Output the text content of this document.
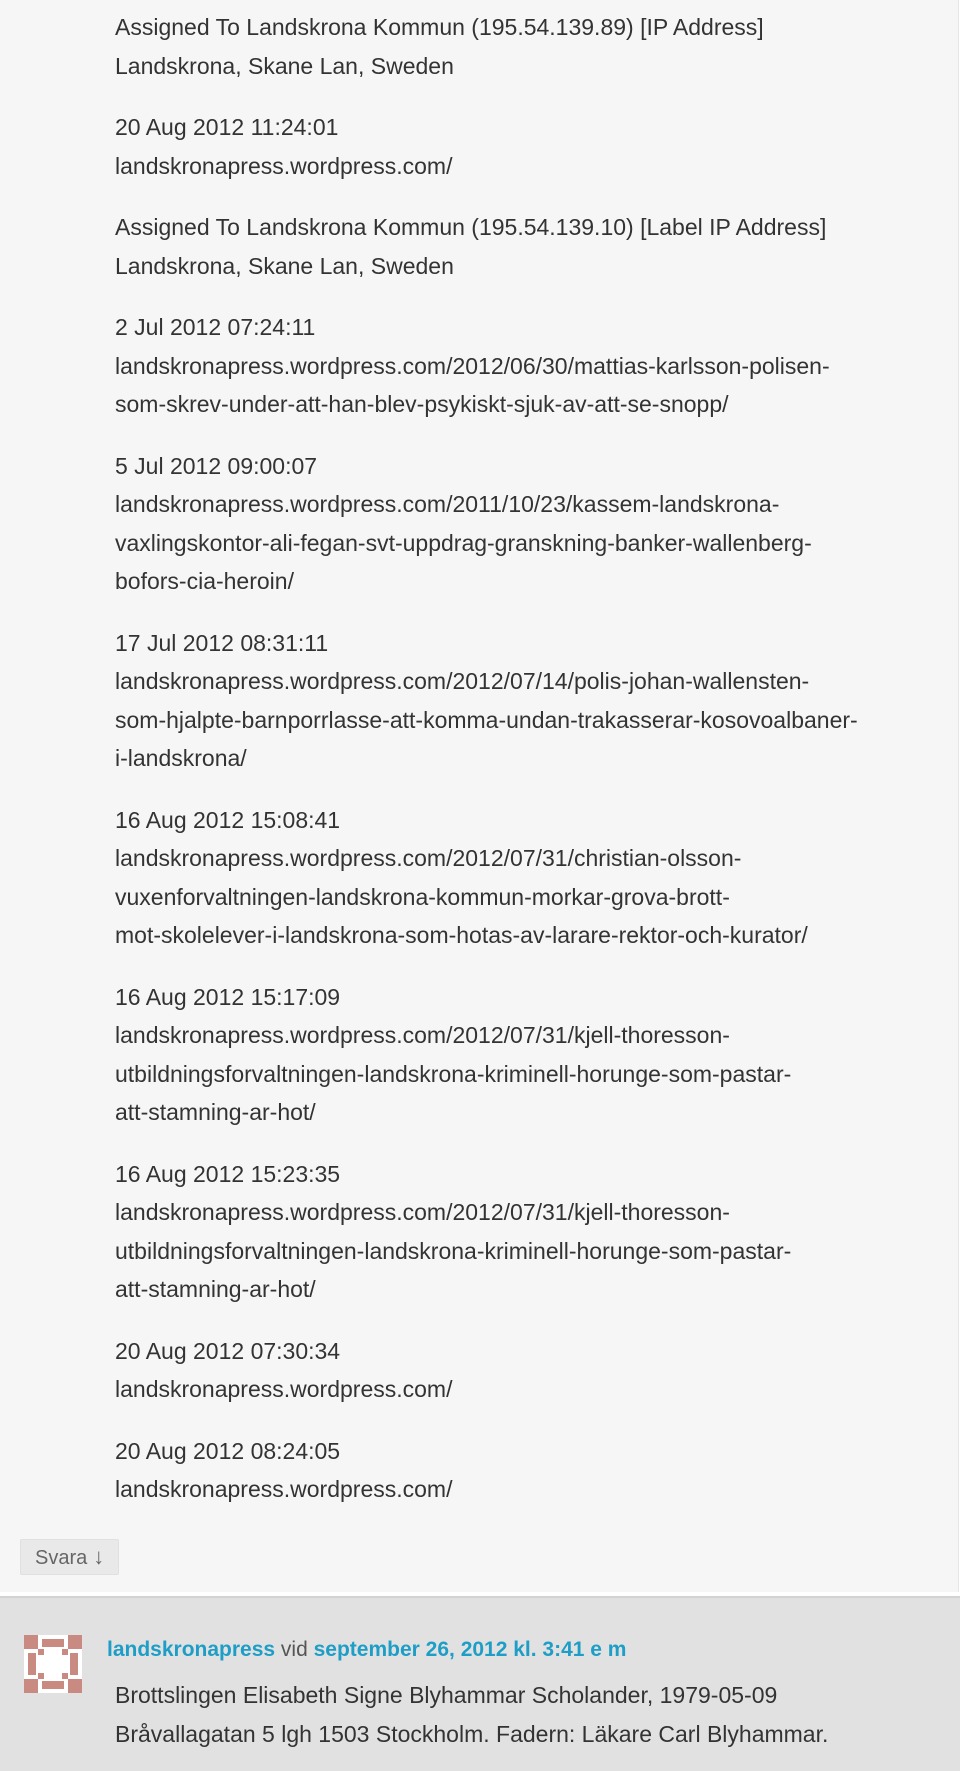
Assigned To Landskrona Kommun (195.54.139.89) [IP Address]
Landskrona, Skane Lan, Sweden

20 Aug 2012 11:24:01
landskronapress.wordpress.com/

Assigned To Landskrona Kommun (195.54.139.10) [Label IP Address]
Landskrona, Skane Lan, Sweden

2 Jul 2012 07:24:11
landskronapress.wordpress.com/2012/06/30/mattias-karlsson-polisen-
som-skrev-under-att-han-blev-psykiskt-sjuk-av-att-se-snopp/

5 Jul 2012 09:00:07
landskronapress.wordpress.com/2011/10/23/kassem-landskrona-
vaxlingskontor-ali-fegan-svt-uppdrag-granskning-banker-wallenberg-
bofors-cia-heroin/

17 Jul 2012 08:31:11
landskronapress.wordpress.com/2012/07/14/polis-johan-wallensten-
som-hjalpte-barnporrlasse-att-komma-undan-trakasserar-kosovoalbaner-
i-landskrona/

16 Aug 2012 15:08:41
landskronapress.wordpress.com/2012/07/31/christian-olsson-
vuxenforvaltningen-landskrona-kommun-morkar-grova-brott-
mot-skolelever-i-landskrona-som-hotas-av-larare-rektor-och-kurator/

16 Aug 2012 15:17:09
landskronapress.wordpress.com/2012/07/31/kjell-thoresson-
utbildningsforvaltningen-landskrona-kriminell-horunge-som-pastar-
att-stamning-ar-hot/

16 Aug 2012 15:23:35
landskronapress.wordpress.com/2012/07/31/kjell-thoresson-
utbildningsforvaltningen-landskrona-kriminell-horunge-som-pastar-
att-stamning-ar-hot/

20 Aug 2012 07:30:34
landskronapress.wordpress.com/

20 Aug 2012 08:24:05
landskronapress.wordpress.com/

Svara ↓
landskronapress vid september 26, 2012 kl. 3:41 e m

Brottslingen Elisabeth Signe Blyhammar Scholander, 1979-05-09

Bråvallagatan 5 lgh 1503 Stockholm. Fadern: Läkare Carl Blyhammar.
